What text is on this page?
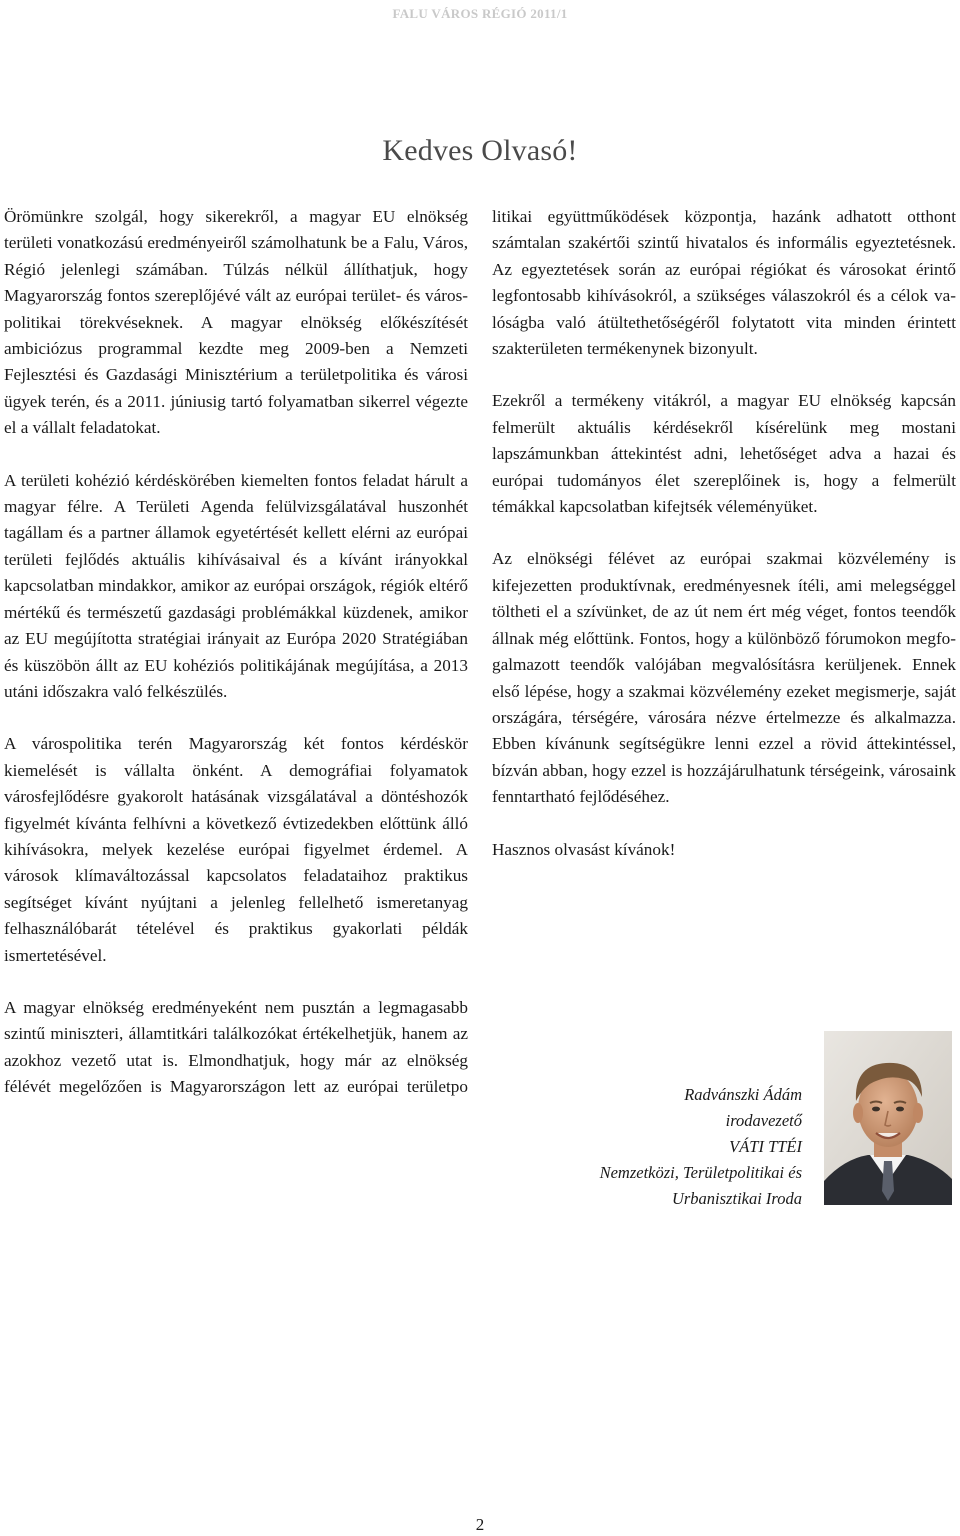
FALU VÁROS RÉGIÓ 2011/1
Kedves Olvasó!

Örömünkre szolgál, hogy sikerekről, a magyar EU elnökség területi vonatkozású eredményeiről számolhatunk be a Falu, Város, Régió jelenlegi számában. Túlzás nélkül állíthatjuk, hogy Magyarország fontos szereplőjévé vált az európai terület- és várospolitikai törekvéseknek. A magyar elnökség előkészítését ambiciózus programmal kezdte meg 2009-ben a Nemzeti Fejlesztési és Gazdasági Minisztérium a területpolitika és városi ügyek terén, és a 2011. júniusig tartó folyamatban sikerrel végezte el a vállalt feladatokat.

A területi kohézió kérdéskörében kiemelten fontos feladat hárult a magyar félre. A Területi Agenda felülvizsgálatával huszonhét tagállam és a partner államok egyetértését kellett elérni az európai területi fejlődés aktuális kihívásaival és a kívánt irányokkal kapcsolatban mindakkor, amikor az európai országok, régiók eltérő mértékű és természetű gazdasági problémákkal küzdenek, amikor az EU megújította stratégiai irányait az Európa 2020 Stratégiában és küszöbön állt az EU kohéziós politikájának megújítása, a 2013 utáni időszakra való felkészülés.

A várospolitika terén Magyarország két fontos kérdéskör kiemelését is vállalta önként. A demográfiai folyamatok városfejlődésre gyakorolt hatásának vizsgálatával a döntéshozók figyelmét kívánta felhívni a következő évtizedekben előttünk álló kihívásokra, melyek kezelése európai figyelmet érdemel. A városok klímaváltozással kapcsolatos feladataihoz praktikus segítséget kívánt nyújtani a jelenleg fellelhető ismeretanyag felhasználóbarát tételével és praktikus gyakorlati példák ismertetésével.

A magyar elnökség eredményeként nem pusztán a legmagasabb szintű miniszteri, államtitkári találkozókat értékelhetjük, hanem az azokhoz vezető utat is. Elmondhatjuk, hogy már az elnökség félévét megelőzően is Magyarországon lett az európai területpo

litikai együttműködések központja, hazánk adhatott otthont számtalan szakértői szintű hivatalos és informális egyeztetésnek. Az egyeztetések során az európai régiókat és városokat érintő legfontosabb kihívásokról, a szükséges válaszokról és a célok valóságba való átültethetőségéről folytatott vita minden érintett szakterületen termékenynek bizonyult.

Ezekről a termékeny vitákról, a magyar EU elnökség kapcsán felmerült aktuális kérdésekről kísérelünk meg mostani lapszámunkban áttekintést adni, lehetőséget adva a hazai és európai tudományos élet szereplőinek is, hogy a felmerült témákkal kapcsolatban kifejtsék véleményüket.

Az elnökségi félévet az európai szakmai közvélemény is kifejezetten produktívnak, eredményesnek ítéli, ami melegséggel töltheti el a szívünket, de az út nem ért még véget, fontos teendők állnak még előttünk. Fontos, hogy a különböző fórumokon megfogalmazott teendők valójában megvalósításra kerüljenek. Ennek első lépése, hogy a szakmai közvélemény ezeket megismerje, saját országára, térségére, városára nézve értelmezze és alkalmazza. Ebben kívánunk segítségükre lenni ezzel a rövid áttekintéssel, bízván abban, hogy ezzel is hozzájárulhatunk térségeink, városaink fenntartható fejlődéséhez.

Hasznos olvasást kívánok!

Radvánszki Ádám
irodavezető
VÁTI TTÉI
Nemzetközi, Területpolitikai és
Urbanisztikai Iroda
2
